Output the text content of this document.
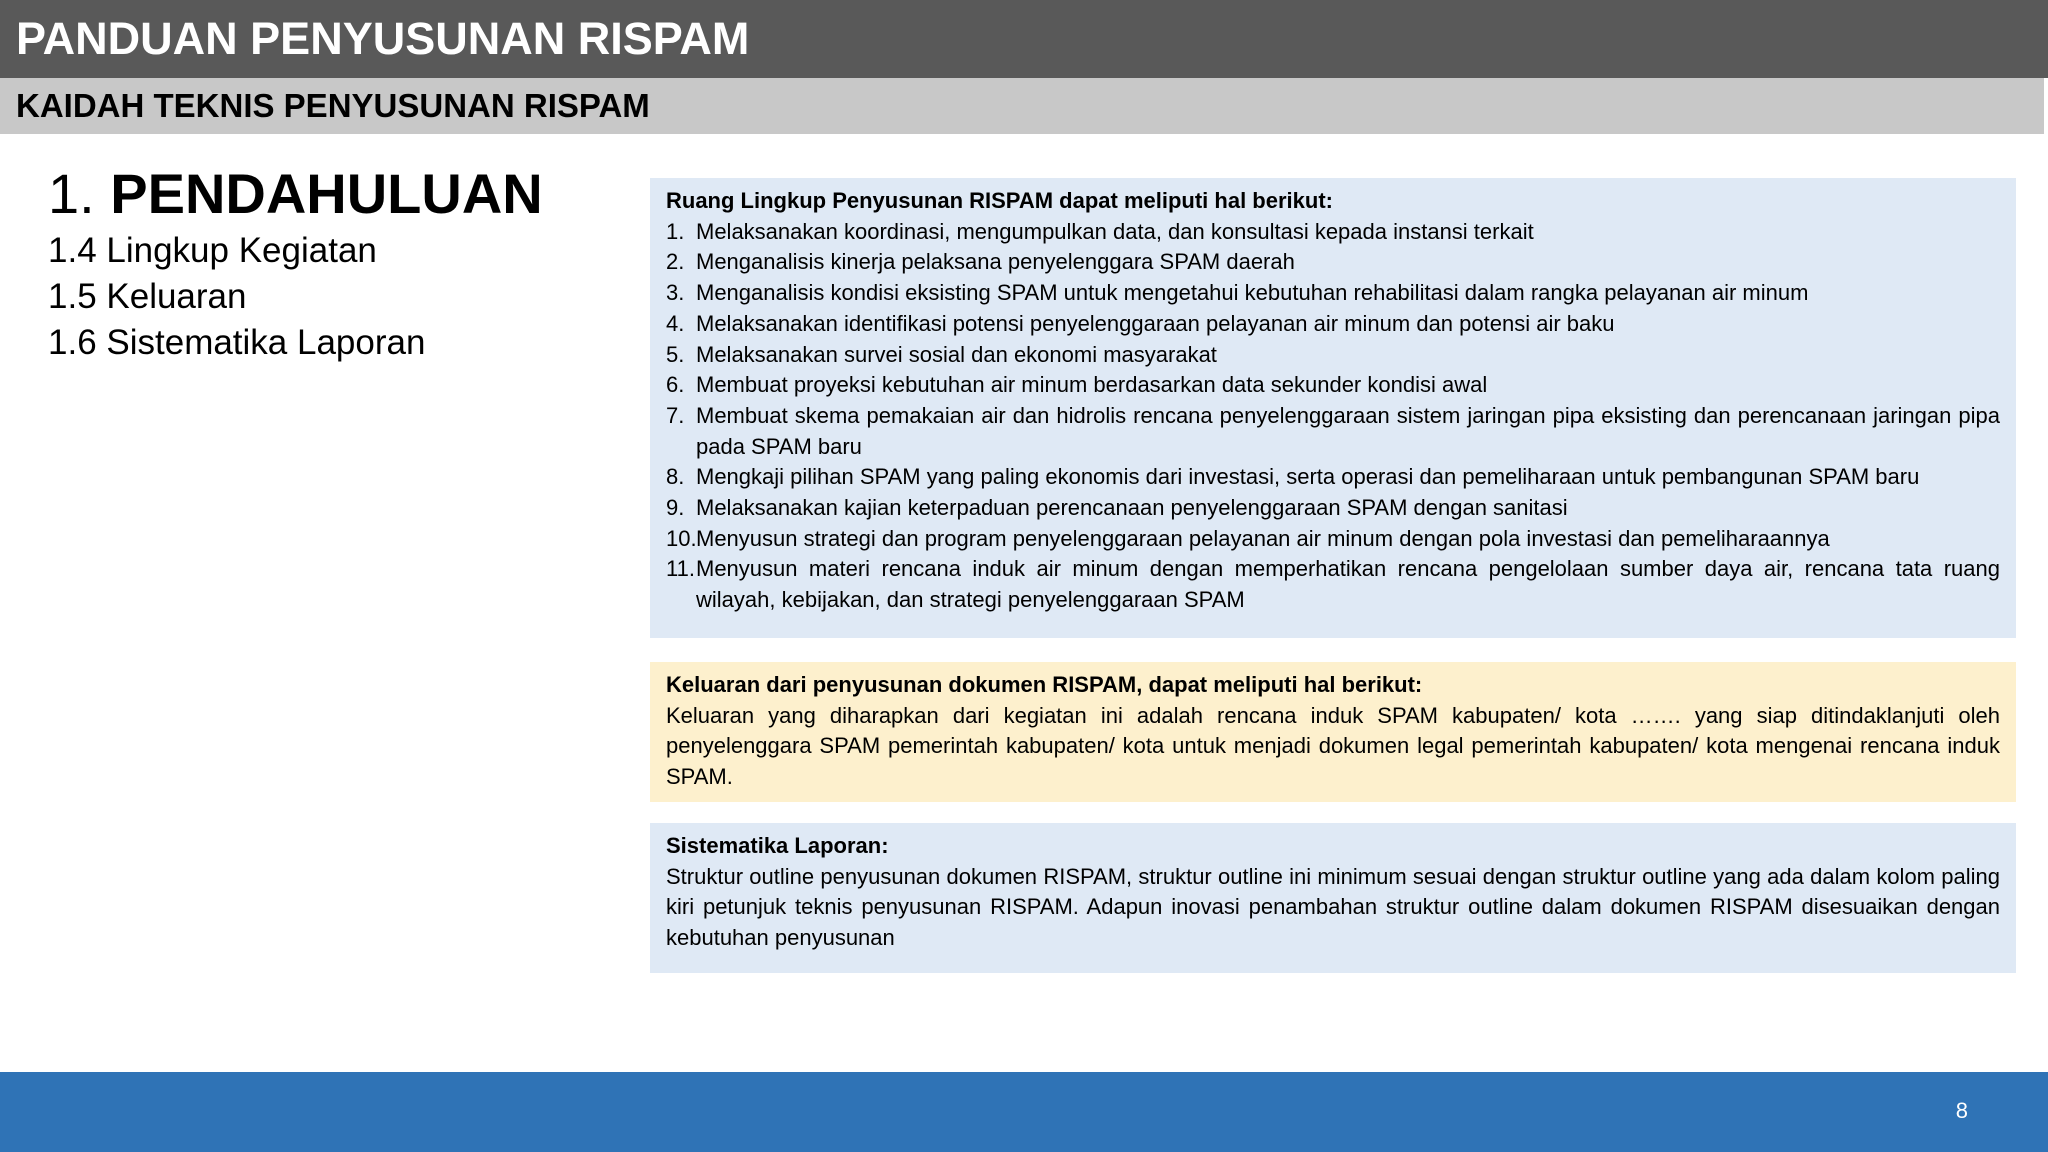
PANDUAN PENYUSUNAN RISPAM
KAIDAH TEKNIS PENYUSUNAN RISPAM
1. PENDAHULUAN
1.4 Lingkup Kegiatan
1.5 Keluaran
1.6 Sistematika Laporan
Ruang Lingkup Penyusunan RISPAM dapat meliputi hal berikut:
1. Melaksanakan koordinasi, mengumpulkan data, dan konsultasi kepada instansi terkait
2. Menganalisis kinerja pelaksana penyelenggara SPAM daerah
3. Menganalisis kondisi eksisting SPAM untuk mengetahui kebutuhan rehabilitasi dalam rangka pelayanan air minum
4. Melaksanakan identifikasi potensi penyelenggaraan pelayanan air minum dan potensi air baku
5. Melaksanakan survei sosial dan ekonomi masyarakat
6. Membuat proyeksi kebutuhan air minum berdasarkan data sekunder kondisi awal
7. Membuat skema pemakaian air dan hidrolis rencana penyelenggaraan sistem jaringan pipa eksisting dan perencanaan jaringan pipa pada SPAM baru
8. Mengkaji pilihan SPAM yang paling ekonomis dari investasi, serta operasi dan pemeliharaan untuk pembangunan SPAM baru
9. Melaksanakan kajian keterpaduan perencanaan penyelenggaraan SPAM dengan sanitasi
10. Menyusun strategi dan program penyelenggaraan pelayanan air minum dengan pola investasi dan pemeliharaannya
11. Menyusun materi rencana induk air minum dengan memperhatikan rencana pengelolaan sumber daya air, rencana tata ruang wilayah, kebijakan, dan strategi penyelenggaraan SPAM
Keluaran dari penyusunan dokumen RISPAM, dapat meliputi hal berikut:
Keluaran yang diharapkan dari kegiatan ini adalah rencana induk SPAM kabupaten/ kota ……. yang siap ditindaklanjuti oleh penyelenggara SPAM pemerintah kabupaten/ kota untuk menjadi dokumen legal pemerintah kabupaten/ kota mengenai rencana induk SPAM.
Sistematika Laporan:
Struktur outline penyusunan dokumen RISPAM, struktur outline ini minimum sesuai dengan struktur outline yang ada dalam kolom paling kiri petunjuk teknis penyusunan RISPAM. Adapun inovasi penambahan struktur outline dalam dokumen RISPAM disesuaikan dengan kebutuhan penyusunan
8
